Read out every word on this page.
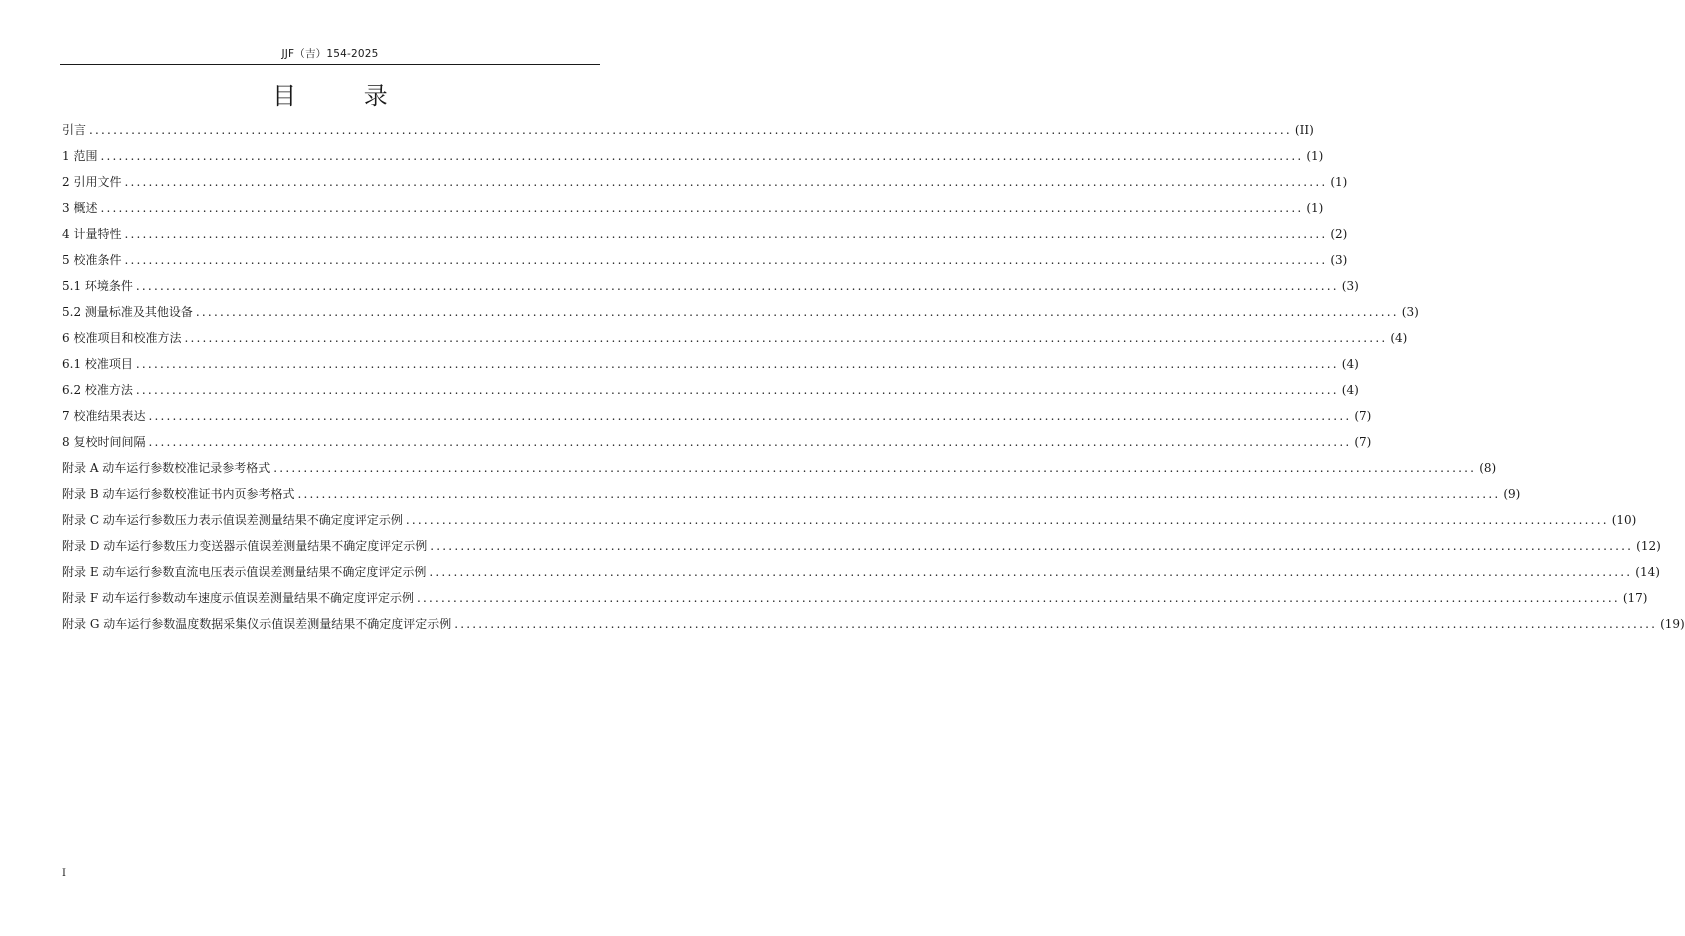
JJF（吉）154-2025
目 录
引言 ........................................................................................................................................................................................................ (II)
1 范围 ........................................................................................................................................................................................................ (1)
2 引用文件 ........................................................................................................................................................................................................ (1)
3 概述 ........................................................................................................................................................................................................ (1)
4 计量特性 ........................................................................................................................................................................................................ (2)
5 校准条件 ........................................................................................................................................................................................................ (3)
5.1 环境条件 ........................................................................................................................................................................................................ (3)
5.2 测量标准及其他设备 ........................................................................................................................................................................................................ (3)
6 校准项目和校准方法 ........................................................................................................................................................................................................ (4)
6.1 校准项目 ........................................................................................................................................................................................................ (4)
6.2 校准方法 ........................................................................................................................................................................................................ (4)
7 校准结果表达 ........................................................................................................................................................................................................ (7)
8 复校时间间隔 ........................................................................................................................................................................................................ (7)
附录 A 动车运行参数校准记录参考格式 ........................................................................................................................................................................................................ (8)
附录 B 动车运行参数校准证书内页参考格式 ........................................................................................................................................................................................................ (9)
附录 C 动车运行参数压力表示值误差测量结果不确定度评定示例 ........................................................................................................................................................................................................ (10)
附录 D 动车运行参数压力变送器示值误差测量结果不确定度评定示例 ........................................................................................................................................................................................................ (12)
附录 E 动车运行参数直流电压表示值误差测量结果不确定度评定示例 ........................................................................................................................................................................................................ (14)
附录 F 动车运行参数动车速度示值误差测量结果不确定度评定示例 ........................................................................................................................................................................................................ (17)
附录 G 动车运行参数温度数据采集仪示值误差测量结果不确定度评定示例 ........................................................................................................................................................................................................ (19)
I
